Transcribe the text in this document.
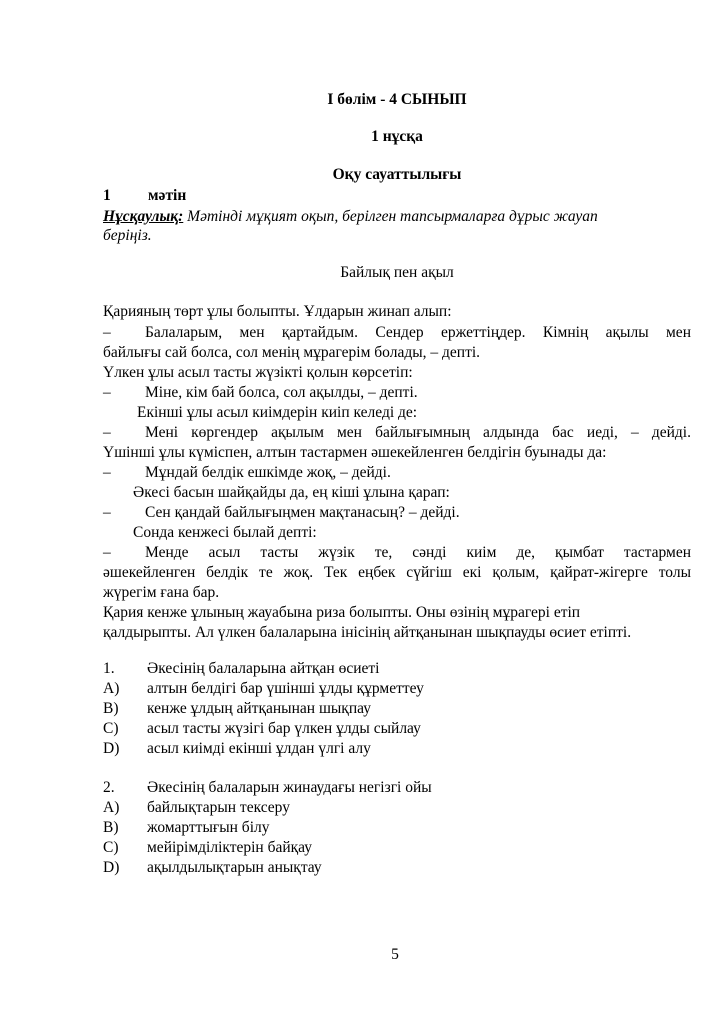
І бөлім - 4 СЫНЫП
1 нұсқа
Оқу сауаттылығы
1 мәтін
Нұсқаулық: Мәтінді мұқият оқып, берілген тапсырмаларға дұрыс жауап
беріңіз.
Байлық пен ақыл
Қарияның төрт ұлы болыпты. Ұлдарын жинап алып:
– Балаларым, мен қартайдым. Сендер ержеттіңдер. Кімнің ақылы мен
байлығы сай болса, сол менің мұрагерім болады, – депті.
Үлкен ұлы асыл тасты жүзікті қолын көрсетіп:
– Міне, кім бай болса, сол ақылды, – депті.
Екінші ұлы асыл киімдерін киіп келеді де:
– Мені көргендер ақылым мен байлығымның алдында бас иеді, – дейді.
Үшінші ұлы күміспен, алтын тастармен әшекейленген белдігін буынады да:
– Мұндай белдік ешкімде жоқ, – дейді.
Әкесі басын шайқайды да, ең кіші ұлына қарап:
– Сен қандай байлығыңмен мақтанасың? – дейді.
Сонда кенжесі былай депті:
– Менде асыл тасты жүзік те, сәнді киім де, қымбат тастармен
әшекейленген белдік те жоқ. Тек еңбек сүйгіш екі қолым, қайрат-жігерге толы
жүрегім ғана бар.
Қария кенже ұлының жауабына риза болыпты. Оны өзінің мұрагері етіп
қалдырыпты. Ал үлкен балаларына інісінің айтқанынан шықпауды өсиет етіпті.
1. Әкесінің балаларына айтқан өсиеті
A) алтын белдігі бар үшінші ұлды құрметтеу
B) кенже ұлдың айтқанынан шықпау
C) асыл тасты жүзігі бар үлкен ұлды сыйлау
D) асыл киімді екінші ұлдан үлгі алу
2. Әкесінің балаларын жинаудағы негізгі ойы
A) байлықтарын тексеру
B) жомарттығын білу
C) мейірімділіктерін байқау
D) ақылдылықтарын анықтау
5
